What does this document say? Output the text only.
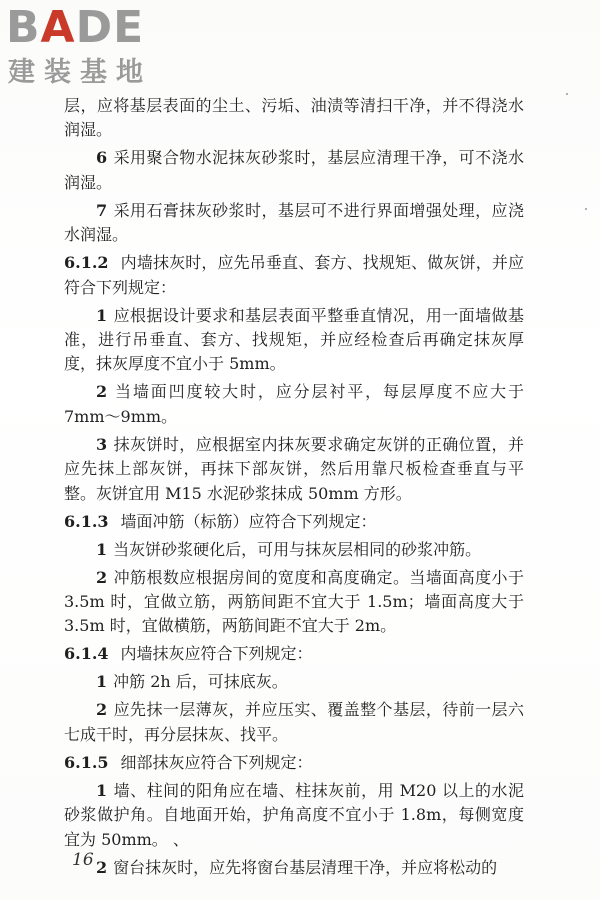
BADE
建装基地
层，应将基层表面的尘土、污垢、油渍等清扫干净，并不得浇水润湿。
6 采用聚合物水泥抹灰砂浆时，基层应清理干净，可不浇水润湿。
7 采用石膏抹灰砂浆时，基层可不进行界面增强处理，应浇水润湿。
6.1.2 内墙抹灰时，应先吊垂直、套方、找规矩、做灰饼，并应符合下列规定：
1 应根据设计要求和基层表面平整垂直情况，用一面墙做基准，进行吊垂直、套方、找规矩，并应经检查后再确定抹灰厚度，抹灰厚度不宜小于 5mm。
2 当墙面凹度较大时，应分层衬平，每层厚度不应大于 7mm～9mm。
3 抹灰饼时，应根据室内抹灰要求确定灰饼的正确位置，并应先抹上部灰饼，再抹下部灰饼，然后用靠尺板检查垂直与平整。灰饼宜用 M15 水泥砂浆抹成 50mm 方形。
6.1.3 墙面冲筋（标筋）应符合下列规定：
1 当灰饼砂浆硬化后，可用与抹灰层相同的砂浆冲筋。
2 冲筋根数应根据房间的宽度和高度确定。当墙面高度小于 3.5m 时，宜做立筋，两筋间距不宜大于 1.5m；墙面高度大于 3.5m 时，宜做横筋，两筋间距不宜大于 2m。
6.1.4 内墙抹灰应符合下列规定：
1 冲筋 2h 后，可抹底灰。
2 应先抹一层薄灰，并应压实、覆盖整个基层，待前一层六七成干时，再分层抹灰、找平。
6.1.5 细部抹灰应符合下列规定：
1 墙、柱间的阳角应在墙、柱抹灰前，用 M20 以上的水泥砂浆做护角。自地面开始，护角高度不宜小于 1.8m，每侧宽度宜为 50mm。 、
2 窗台抹灰时，应先将窗台基层清理干净，并应将松动的
16
